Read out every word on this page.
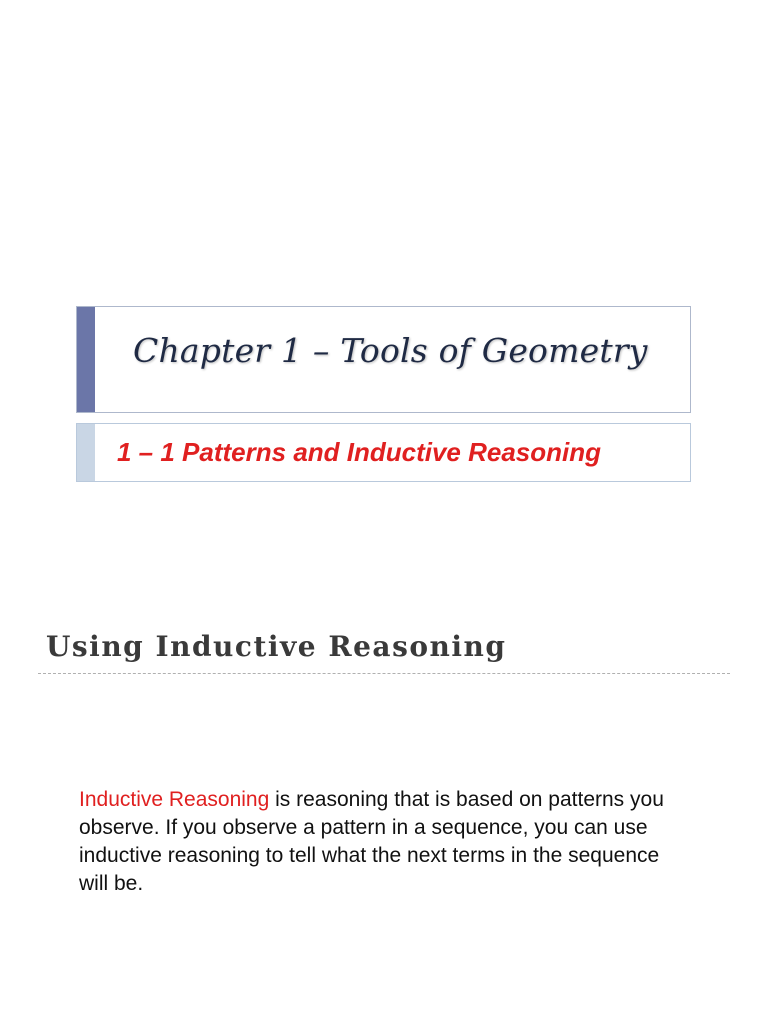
Chapter 1 – Tools of Geometry
1 – 1 Patterns and Inductive Reasoning
Using Inductive Reasoning
Inductive Reasoning is reasoning that is based on patterns you observe. If you observe a pattern in a sequence, you can use inductive reasoning to tell what the next terms in the sequence will be.
